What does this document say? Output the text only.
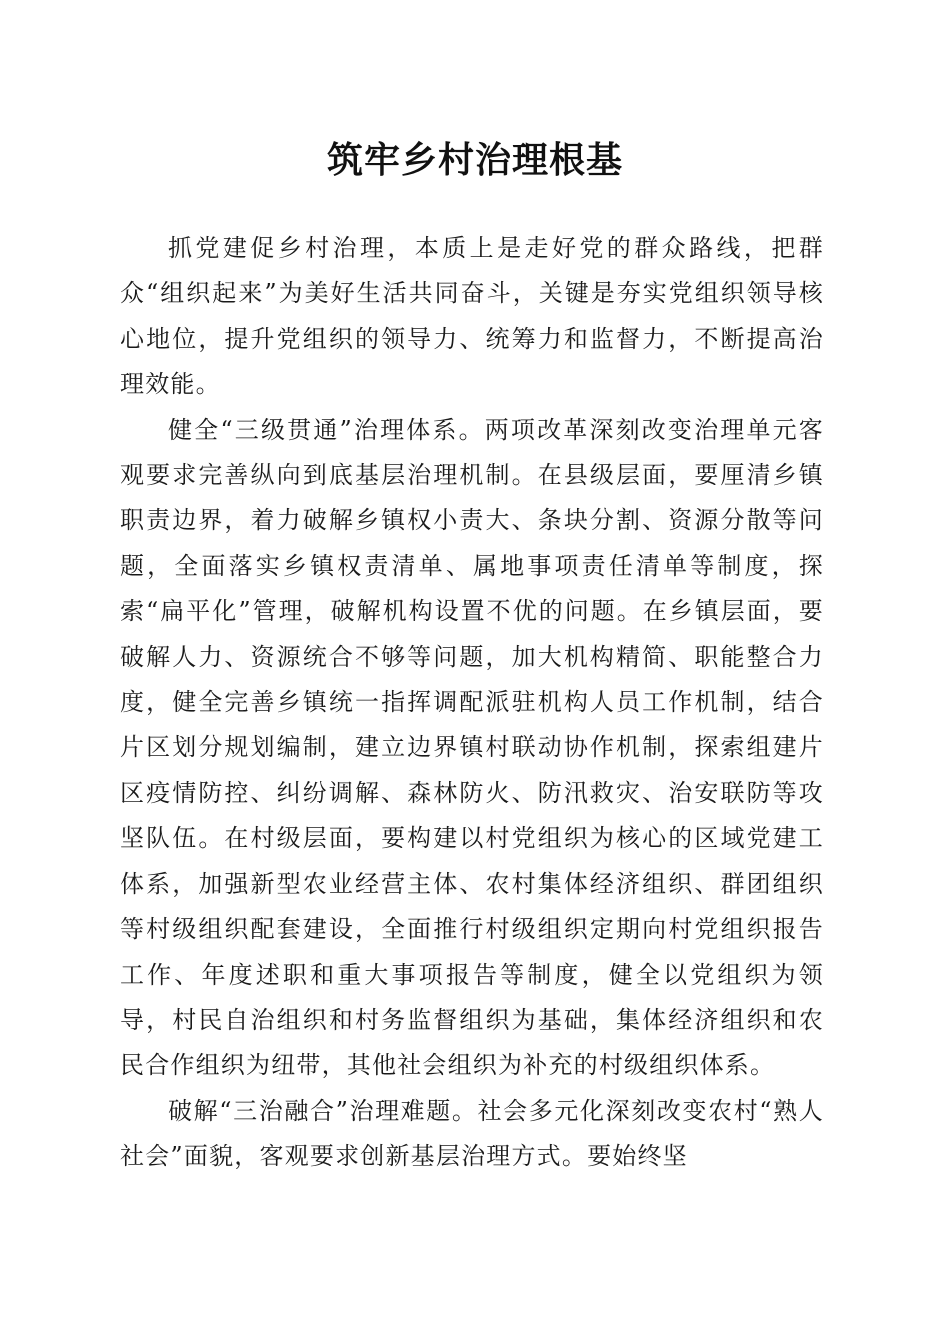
筑牢乡村治理根基

抓党建促乡村治理，本质上是走好党的群众路线，把群众“组织起来”为美好生活共同奋斗，关键是夯实党组织领导核心地位，提升党组织的领导力、统筹力和监督力，不断提高治理效能。

健全“三级贯通”治理体系。两项改革深刻改变治理单元客观要求完善纵向到底基层治理机制。在县级层面，要厘清乡镇职责边界，着力破解乡镇权小责大、条块分割、资源分散等问题，全面落实乡镇权责清单、属地事项责任清单等制度，探索“扁平化”管理，破解机构设置不优的问题。在乡镇层面，要破解人力、资源统合不够等问题，加大机构精简、职能整合力度，健全完善乡镇统一指挥调配派驻机构人员工作机制，结合片区划分规划编制，建立边界镇村联动协作机制，探索组建片区疫情防控、纠纷调解、森林防火、防汛救灾、治安联防等攻坚队伍。在村级层面，要构建以村党组织为核心的区域党建工体系，加强新型农业经营主体、农村集体经济组织、群团组织等村级组织配套建设，全面推行村级组织定期向村党组织报告工作、年度述职和重大事项报告等制度，健全以党组织为领导，村民自治组织和村务监督组织为基础，集体经济组织和农民合作组织为纽带，其他社会组织为补充的村级组织体系。

破解“三治融合”治理难题。社会多元化深刻改变农村“熟人社会”面貌，客观要求创新基层治理方式。要始终坚
